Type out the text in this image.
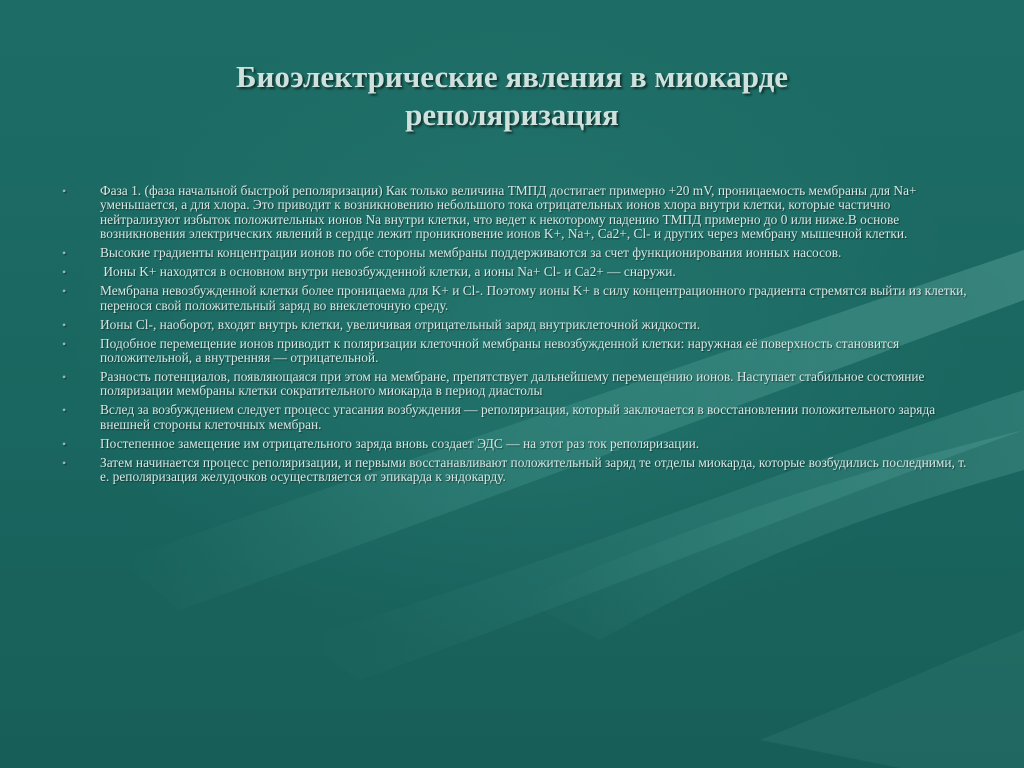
Биоэлектрические явления в миокарде
реполяризация
•	Фаза 1. (фаза начальной быстрой реполяризации) Как только величина ТМПД достигает примерно +20 mV, проницаемость мембраны для Na+ уменьшается, а для хлора. Это приводит к возникновению небольшого тока отрицательных ионов хлора внутри клетки, которые частично нейтрализуют избыток положительных ионов Na внутри клетки, что ведет к некоторому падению ТМПД примерно до 0 или ниже.В основе возникновения электрических явлений в сердце лежит проникновение ионов K+, Na+, Ca2+, Cl- и других через мембрану мышечной клетки.
•	Высокие градиенты концентрации ионов по обе стороны мембраны поддерживаются за счет функционирования ионных насосов.
•	Ионы K+ находятся в основном внутри невозбужденной клетки, а ионы Na+ Cl- и Ca2+ — снаружи.
•	Мембрана невозбужденной клетки более проницаема для K+ и Cl-. Поэтому ионы K+ в силу концентрационного градиента стремятся выйти из клетки, перенося свой положительный заряд во внеклеточную среду.
•	Ионы Cl-, наоборот, входят внутрь клетки, увеличивая отрицательный заряд внутриклеточной жидкости.
•	Подобное перемещение ионов приводит к поляризации клеточной мембраны невозбужденной клетки: наружная её поверхность становится положительной, а внутренняя — отрицательной.
•	Разность потенциалов, появляющаяся при этом на мембране, препятствует дальнейшему перемещению ионов. Наступает стабильное состояние поляризации мембраны клетки сократительного миокарда в период диастолы
•	Вслед за возбуждением следует процесс угасания возбуждения — реполяризация, который заключается в восстановлении положительного заряда внешней стороны клеточных мембран.
•	Постепенное замещение им отрицательного заряда вновь создает ЭДС — на этот раз ток реполяризации.
•	Затем начинается процесс реполяризации, и первыми восстанавливают положительный заряд те отделы миокарда, которые возбудились последними, т. е. реполяризация желудочков осуществляется от эпикарда к эндокарду.
